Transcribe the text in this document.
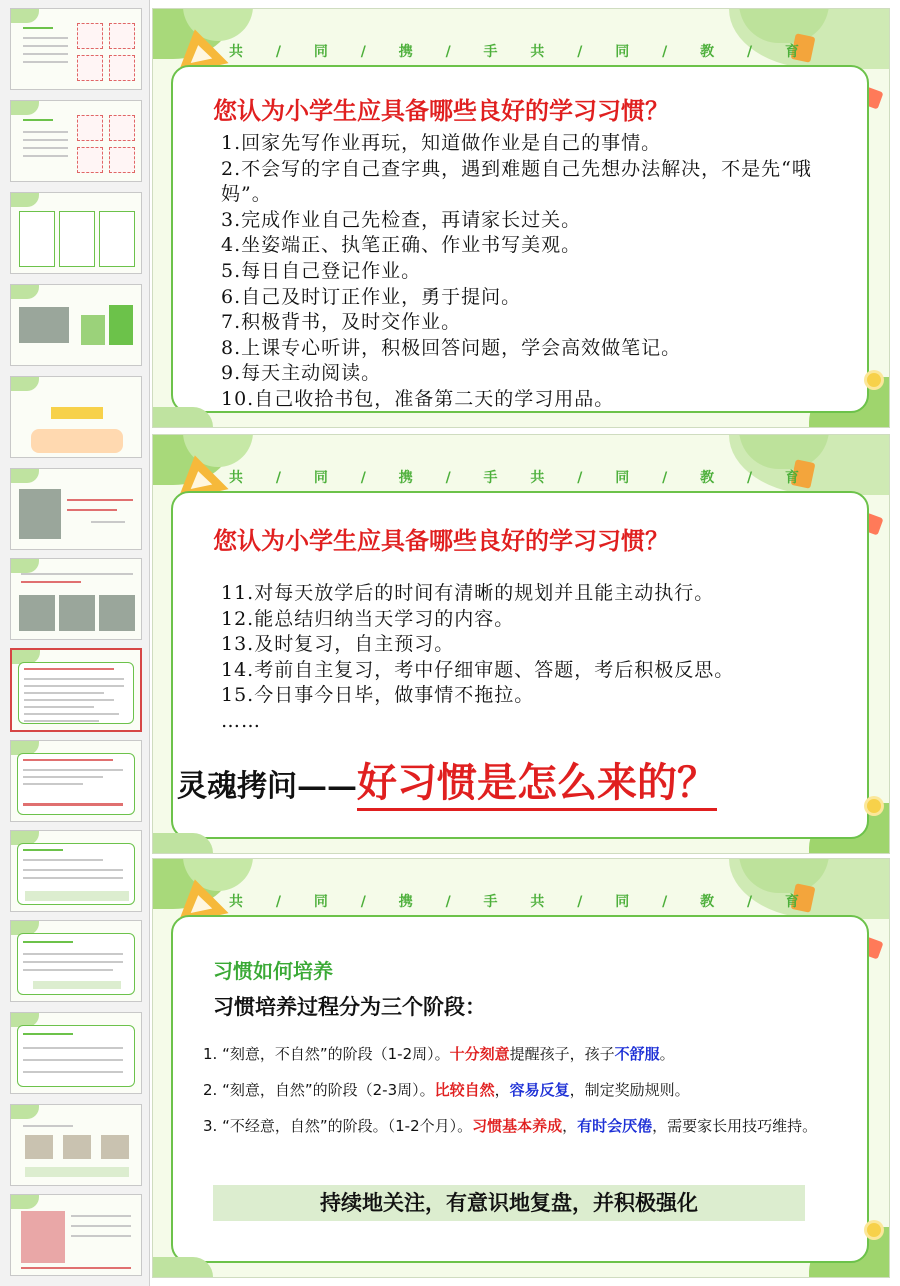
共 / 同 / 携 / 手 共 / 同 / 教 / 育
您认为小学生应具备哪些良好的学习习惯？
1.回家先写作业再玩，知道做作业是自己的事情。
2.不会写的字自己查字典，遇到难题自己先想办法解决，不是先“哦妈”。
3.完成作业自己先检查，再请家长过关。
4.坐姿端正、执笔正确、作业书写美观。
5.每日自己登记作业。
6.自己及时订正作业，勇于提问。
7.积极背书，及时交作业。
8.上课专心听讲，积极回答问题，学会高效做笔记。
9.每天主动阅读。
10.自己收拾书包，准备第二天的学习用品。
共 / 同 / 携 / 手 共 / 同 / 教 / 育
您认为小学生应具备哪些良好的学习习惯？
11.对每天放学后的时间有清晰的规划并且能主动执行。
12.能总结归纳当天学习的内容。
13.及时复习，自主预习。
14.考前自主复习，考中仔细审题、答题，考后积极反思。
15.今日事今日毕，做事情不拖拉。
……
灵魂拷问——好习惯是怎么来的？
共 / 同 / 携 / 手 共 / 同 / 教 / 育
习惯如何培养
习惯培养过程分为三个阶段：
1. “刻意，不自然”的阶段（1-2周）。十分刻意提醒孩子，孩子不舒服。
2. “刻意，自然”的阶段（2-3周）。比较自然，容易反复，制定奖励规则。
3. “不经意，自然”的阶段。（1-2个月）。习惯基本养成，有时会厌倦，需要家长用技巧维持。
持续地关注，有意识地复盘，并积极强化
